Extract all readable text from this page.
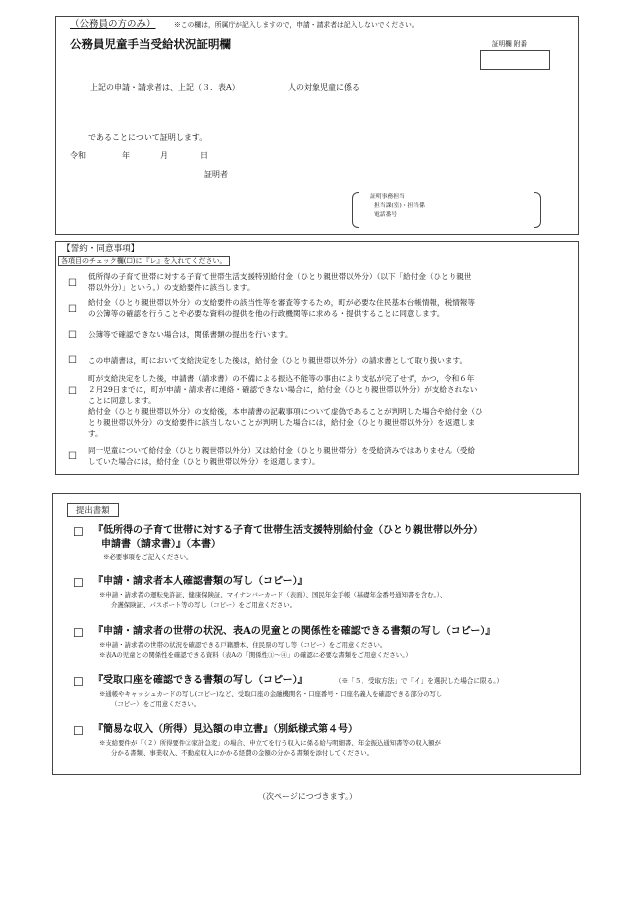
（公務員の方のみ）	※この欄は，所属庁が記入しますので，申請・請求者は記入しないでください。
公務員児童手当受給状況証明欄	証明欄 附番
上記の申請・請求者は、上記（３．表A）	人の対象児童に係る
であることについて証明します。
令和	年	月	日
証明者
証明事務担当
担当課(室)・担当係
電話番号
【誓約・同意事項】
各項目のチェック欄(☐)に『レ』を入れてください。
☐

低所得の子育て世帯に対する子育て世帯生活支援特別給付金（ひとり親世帯以外分）（以下「給付金（ひとり親世

帯以外分）」という。）の支給要件に該当します。

☐

給付金（ひとり親世帯以外分）の支給要件の該当性等を審査等するため，町が必要な住民基本台帳情報，税情報等

の公簿等の確認を行うことや必要な資料の提供を他の行政機関等に求める・提供することに同意します。

☐ 公簿等で確認できない場合は，関係書類の提出を行います。

☐ この申請書は，町において支給決定をした後は，給付金（ひとり親世帯以外分）の請求書として取り扱います。

☐

町が支給決定をした後，申請書（請求書）の不備による振込不能等の事由により支払が完了せず，かつ，令和６年

２月29日までに，町が申請・請求者に連絡・確認できない場合に，給付金（ひとり親世帯以外分）が支給されない

ことに同意します。

給付金（ひとり親世帯以外分）の支給後，本申請書の記載事項について虚偽であることが判明した場合や給付金（ひ

とり親世帯以外分）の支給要件に該当しないことが判明した場合には，給付金（ひとり親世帯以外分）を返還しま

す。

☐

同一児童について給付金（ひとり親世帯以外分）又は給付金（ひとり親世帯分）を受給済みではありません（受給

していた場合には，給付金（ひとり親世帯以外分）を返還します）。

提出書類
☐ 『低所得の子育て世帯に対する子育て世帯生活支援特別給付金（ひとり親世帯以外分）
申請書（請求書）』（本書）
※必要事項をご記入ください。
☐ 『申請・請求者本人確認書類の写し（コピー）』
※申請・請求者の運転免許証、健康保険証、マイナンバーカード（表面）、国民年金手帳（基礎年金番号通知書を含む。）、
介護保険証、パスポート等の写し（コピー）をご用意ください。
☐ 『申請・請求者の世帯の状況、表Aの児童との関係性を確認できる書類の写し（コピー）』
※申請・請求者の世帯の状況を確認できる戸籍謄本、住民票の写し等（コピー）をご用意ください。
※表Aの児童との関係性を確認できる資料（表Aの「関係性①〜④」の確認に必要な書類をご用意ください。）
☐ 『受取口座を確認できる書類の写し（コピー）』	（※「５．受取方法」で「イ」を選択した場合に限る。）
※通帳やキャッシュカードの写し(コピー)など、受取口座の金融機関名・口座番号・口座名義人を確認できる部分の写し
（コピー）をご用意ください。
☐ 『簡易な収入（所得）見込額の申立書』（別紙様式第４号）
※支給要件が「（２）所得要件②家計急変」の場合、申立てを行う収入に係る給与明細書、年金振込通知書等の収入額が
分かる書類、事業収入、不動産収入にかかる経費の金額の分かる書類を添付してください。
（次ページにつづきます。）
